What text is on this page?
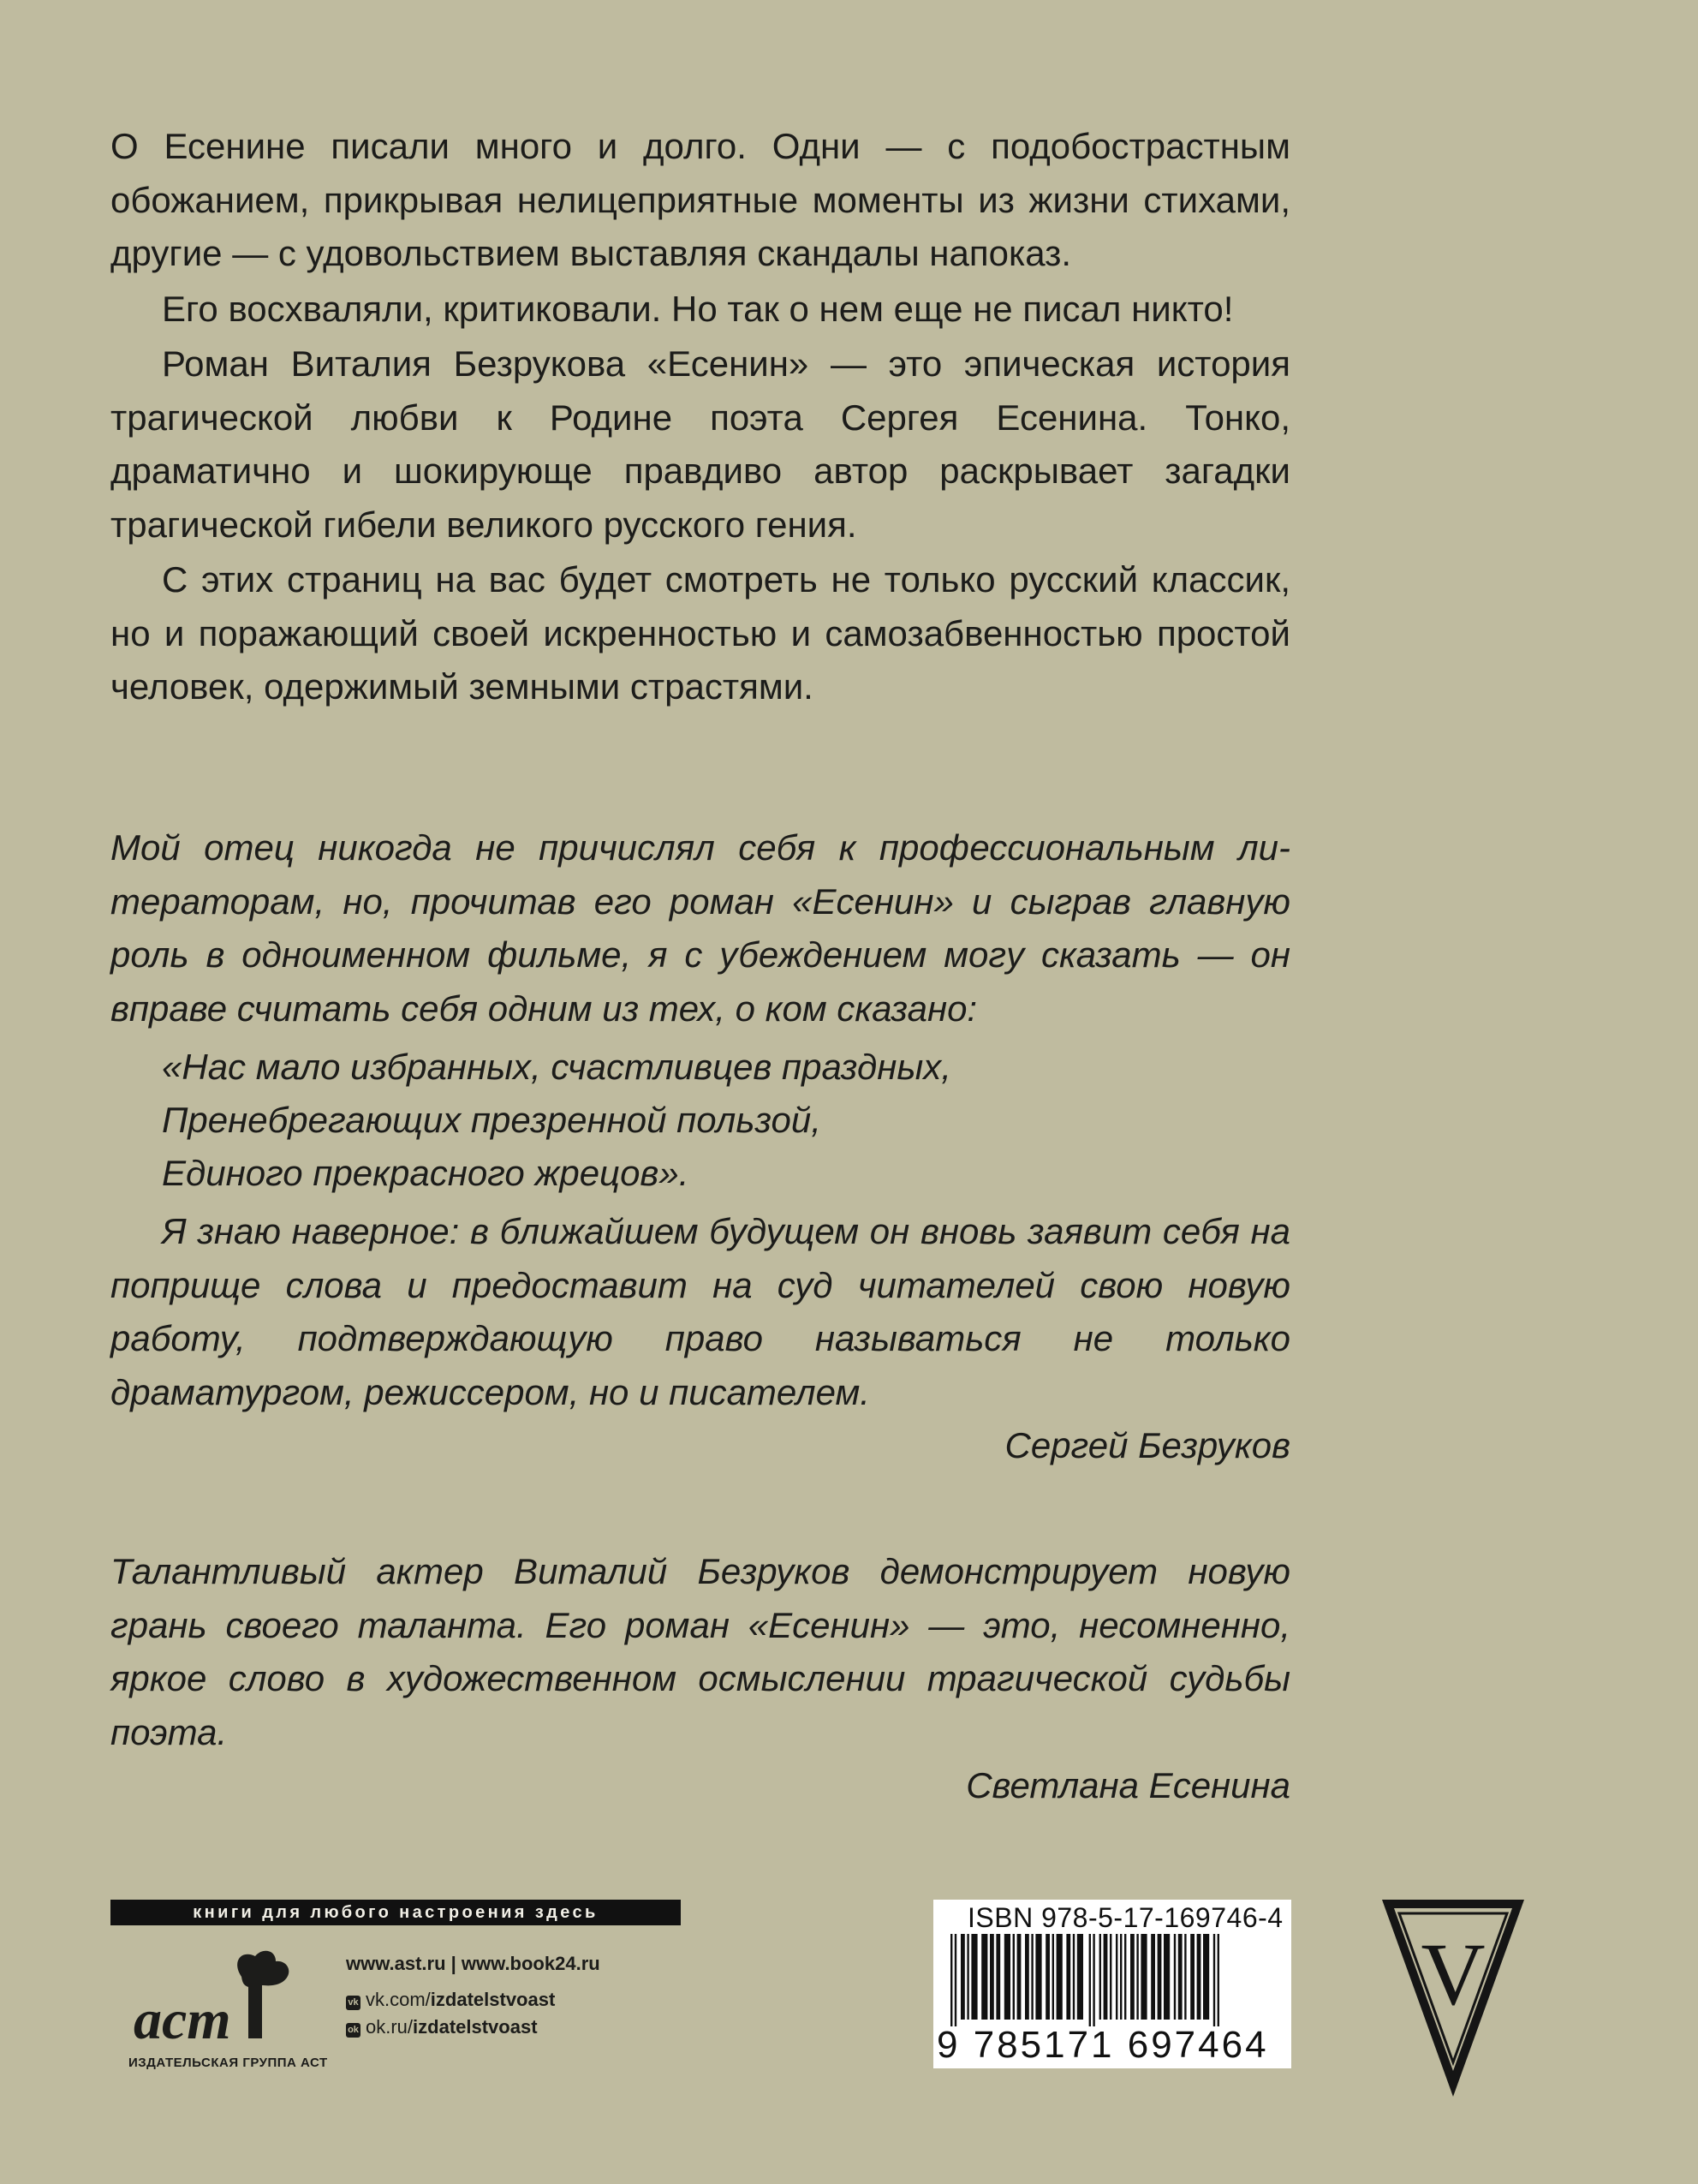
О Есенине писали много и долго. Одни — с подобострастным обожанием, прикрывая нелицеприятные моменты из жизни стихами, другие — с удовольствием выставляя скандалы напоказ.

Его восхваляли, критиковали. Но так о нем еще не писал никто!

Роман Виталия Безрукова «Есенин» — это эпическая история трагической любви к Родине поэта Сергея Есенина. Тонко, драматично и шокирующе правдиво автор раскрывает загадки трагической гибели великого русского гения.

С этих страниц на вас будет смотреть не только русский классик, но и поражающий своей искренностью и самозабвенностью простой человек, одержимый земными страстями.

Мой отец никогда не причислял себя к профессиональным литераторам, но, прочитав его роман «Есенин» и сыграв главную роль в одноименном фильме, я с убеждением могу сказать — он вправе считать себя одним из тех, о ком сказано:

«Нас мало избранных, счастливцев праздных,
Пренебрегающих презренной пользой,
Единого прекрасного жрецов».

Я знаю наверное: в ближайшем будущем он вновь заявит себя на поприще слова и предоставит на суд читателей свою новую работу, подтверждающую право называться не только драматургом, режиссером, но и писателем.

Сергей Безруков

Талантливый актер Виталий Безруков демонстрирует новую грань своего таланта. Его роман «Есенин» — это, несомненно, яркое слово в художественном осмыслении трагической судьбы поэта.

Светлана Есенина

книги для любого настроения здесь
аст
ИЗДАТЕЛЬСКАЯ ГРУППА АСТ
www.ast.ru | www.book24.ru
vk vk.com/izdatelstvoast
ok ok.ru/izdatelstvoast
ISBN 978-5-17-169746-4
9 785171 697464
V
